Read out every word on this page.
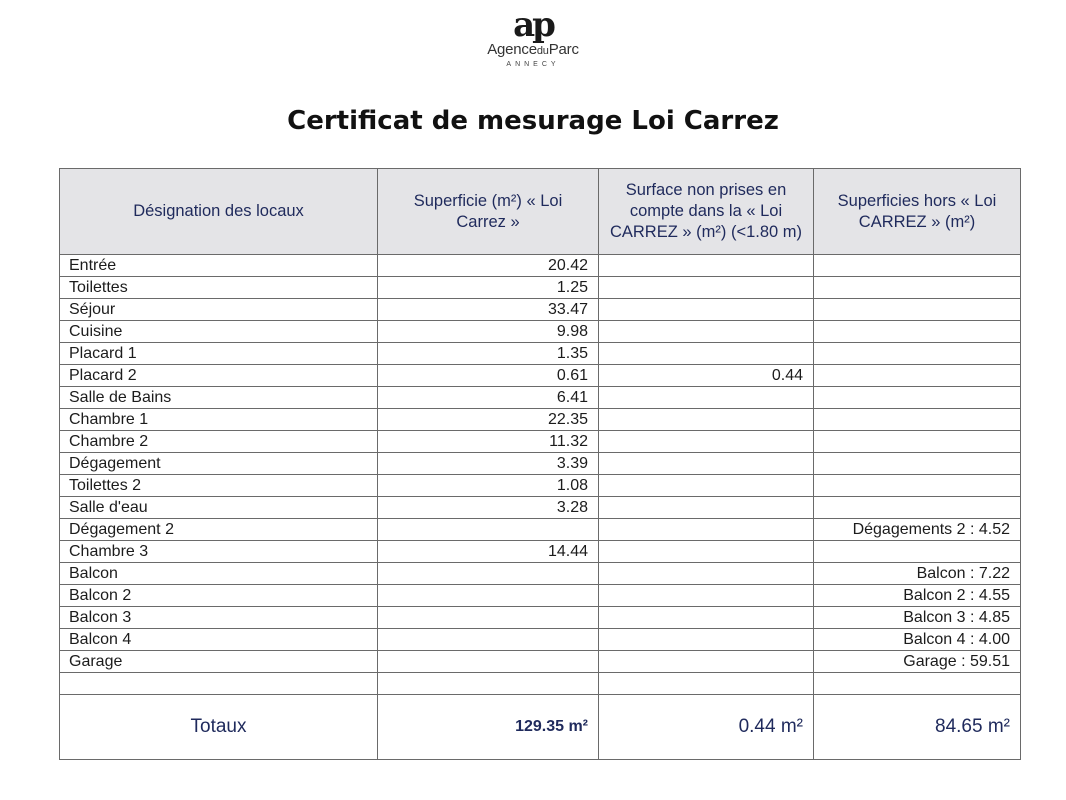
ap
AgenceduParc
ANNECY
Certificat de mesurage Loi Carrez
Désignation des locaux	Superficie (m²) « Loi Carrez »	Surface non prises en compte dans la « Loi CARREZ » (m²) (<1.80 m)	Superficies hors « Loi CARREZ » (m²)
Entrée	20.42		
Toilettes	1.25		
Séjour	33.47		
Cuisine	9.98		
Placard 1	1.35		
Placard 2	0.61	0.44	
Salle de Bains	6.41		
Chambre 1	22.35		
Chambre 2	11.32		
Dégagement	3.39		
Toilettes 2	1.08		
Salle d'eau	3.28		
Dégagement 2			Dégagements 2 : 4.52
Chambre 3	14.44		
Balcon			Balcon : 7.22
Balcon 2			Balcon 2 : 4.55
Balcon 3			Balcon 3 : 4.85
Balcon 4			Balcon 4 : 4.00
Garage			Garage : 59.51

Totaux	129.35 m²	0.44 m²	84.65 m²
